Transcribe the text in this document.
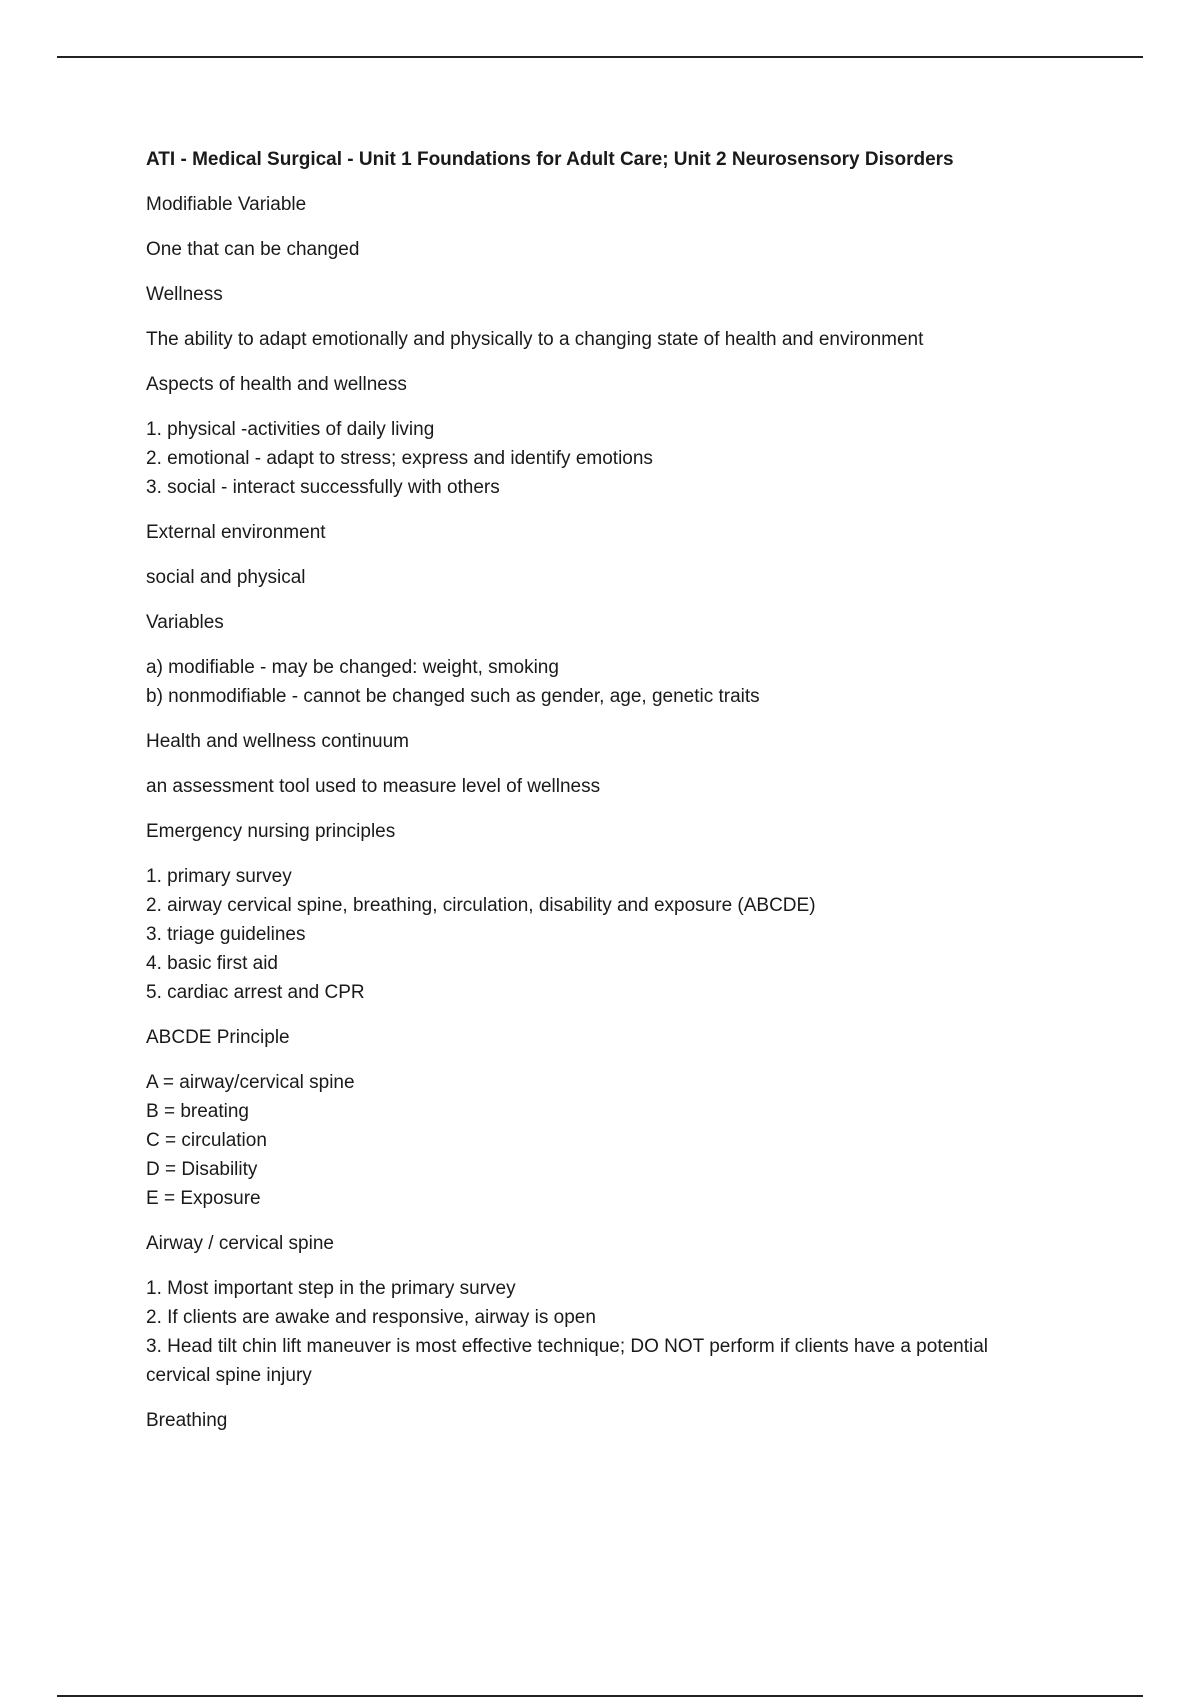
ATI - Medical Surgical - Unit 1 Foundations for Adult Care; Unit 2 Neurosensory Disorders
Modifiable Variable
One that can be changed
Wellness
The ability to adapt emotionally and physically to a changing state of health and environment
Aspects of health and wellness
1. physical -activities of daily living
2. emotional - adapt to stress; express and identify emotions
3. social - interact successfully with others
External environment
social and physical
Variables
a) modifiable - may be changed: weight, smoking
b) nonmodifiable - cannot be changed such as gender, age, genetic traits
Health and wellness continuum
an assessment tool used to measure level of wellness
Emergency nursing principles
1. primary survey
2. airway cervical spine, breathing, circulation, disability and exposure (ABCDE)
3. triage guidelines
4. basic first aid
5. cardiac arrest and CPR
ABCDE Principle
A = airway/cervical spine
B = breating
C = circulation
D = Disability
E = Exposure
Airway / cervical spine
1. Most important step in the primary survey
2. If clients are awake and responsive, airway is open
3. Head tilt chin lift maneuver is most effective technique; DO NOT perform if clients have a potential
cervical spine injury
Breathing
